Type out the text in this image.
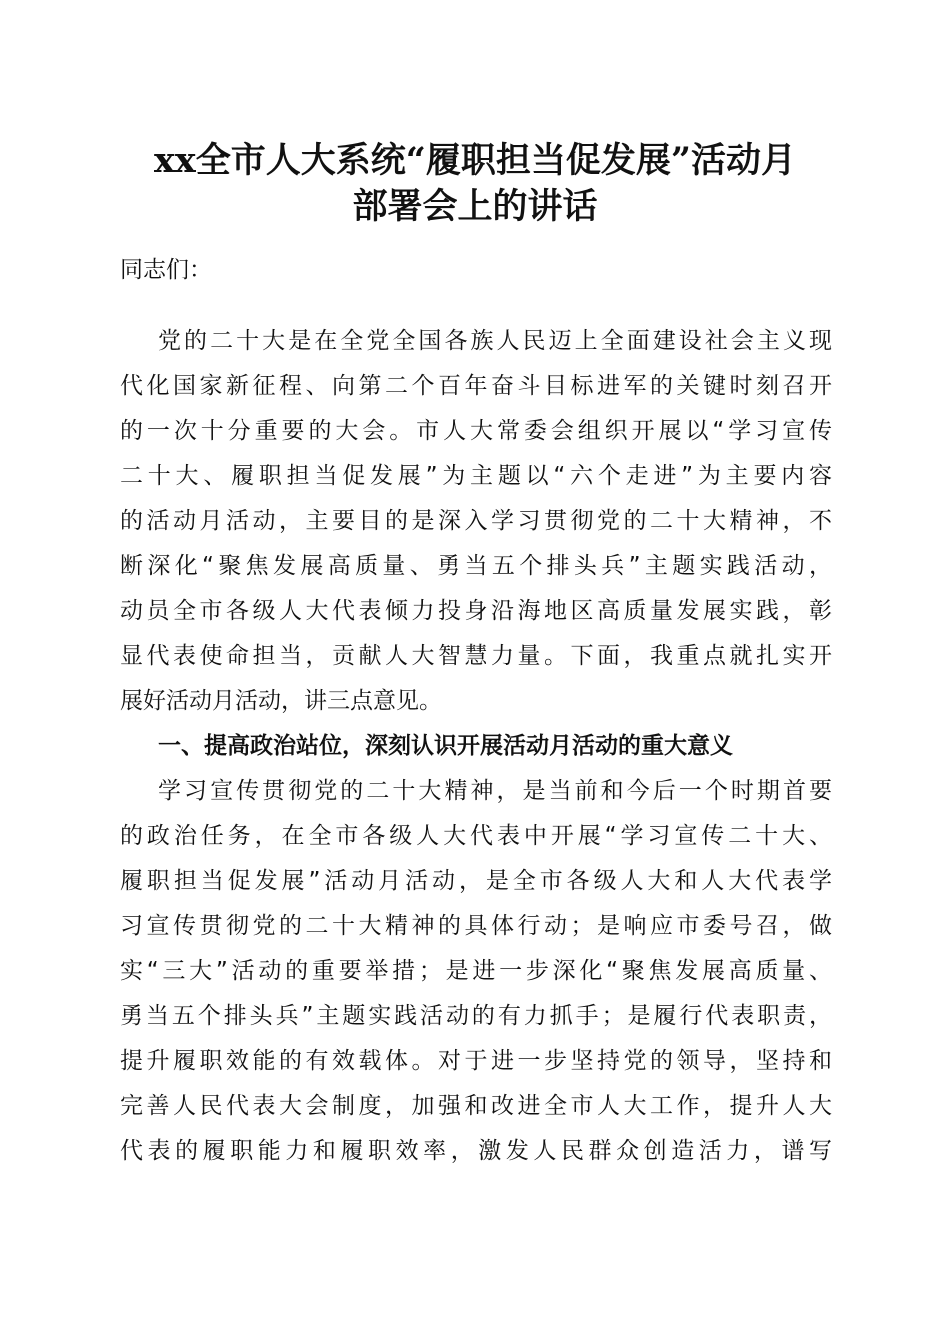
xx全市人大系统“履职担当促发展”活动月
部署会上的讲话
同志们：
党的二十大是在全党全国各族人民迈上全面建设社会主义现
代化国家新征程、向第二个百年奋斗目标进军的关键时刻召开
的一次十分重要的大会。市人大常委会组织开展以“学习宣传
二十大、履职担当促发展”为主题以“六个走进”为主要内容
的活动月活动，主要目的是深入学习贯彻党的二十大精神，不
断深化“聚焦发展高质量、勇当五个排头兵”主题实践活动，
动员全市各级人大代表倾力投身沿海地区高质量发展实践，彰
显代表使命担当，贡献人大智慧力量。下面，我重点就扎实开
展好活动月活动，讲三点意见。
一、提高政治站位，深刻认识开展活动月活动的重大意义
学习宣传贯彻党的二十大精神，是当前和今后一个时期首要
的政治任务，在全市各级人大代表中开展“学习宣传二十大、
履职担当促发展”活动月活动，是全市各级人大和人大代表学
习宣传贯彻党的二十大精神的具体行动；是响应市委号召，做
实“三大”活动的重要举措；是进一步深化“聚焦发展高质量、
勇当五个排头兵”主题实践活动的有力抓手；是履行代表职责，
提升履职效能的有效载体。对于进一步坚持党的领导，坚持和
完善人民代表大会制度，加强和改进全市人大工作，提升人大
代表的履职能力和履职效率，激发人民群众创造活力，谱写
